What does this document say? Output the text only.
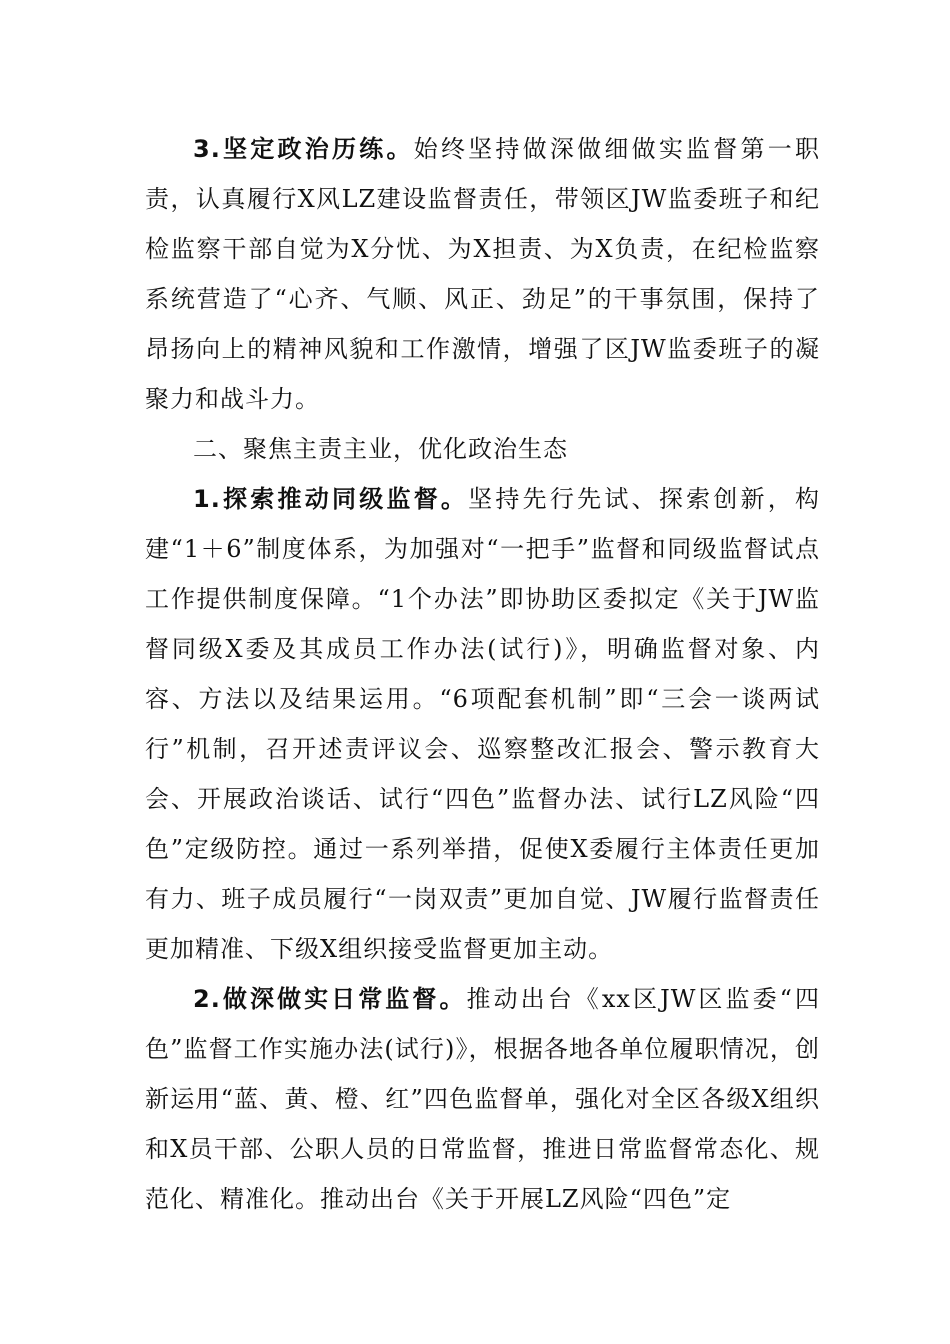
3.坚定政治历练。始终坚持做深做细做实监督第一职责，认真履行X风LZ建设监督责任，带领区JW监委班子和纪检监察干部自觉为X分忧、为X担责、为X负责，在纪检监察系统营造了“心齐、气顺、风正、劲足”的干事氛围，保持了昂扬向上的精神风貌和工作激情，增强了区JW监委班子的凝聚力和战斗力。

二、聚焦主责主业，优化政治生态

1.探索推动同级监督。坚持先行先试、探索创新，构建“1＋6”制度体系，为加强对“一把手”监督和同级监督试点工作提供制度保障。“1个办法”即协助区委拟定《关于JW监督同级X委及其成员工作办法(试行)》，明确监督对象、内容、方法以及结果运用。“6项配套机制”即“三会一谈两试行”机制，召开述责评议会、巡察整改汇报会、警示教育大会、开展政治谈话、试行“四色”监督办法、试行LZ风险“四色”定级防控。通过一系列举措，促使X委履行主体责任更加有力、班子成员履行“一岗双责”更加自觉、JW履行监督责任更加精准、下级X组织接受监督更加主动。

2.做深做实日常监督。推动出台《xx区JW区监委“四色”监督工作实施办法(试行)》，根据各地各单位履职情况，创新运用“蓝、黄、橙、红”四色监督单，强化对全区各级X组织和X员干部、公职人员的日常监督，推进日常监督常态化、规范化、精准化。推动出台《关于开展LZ风险“四色”定
